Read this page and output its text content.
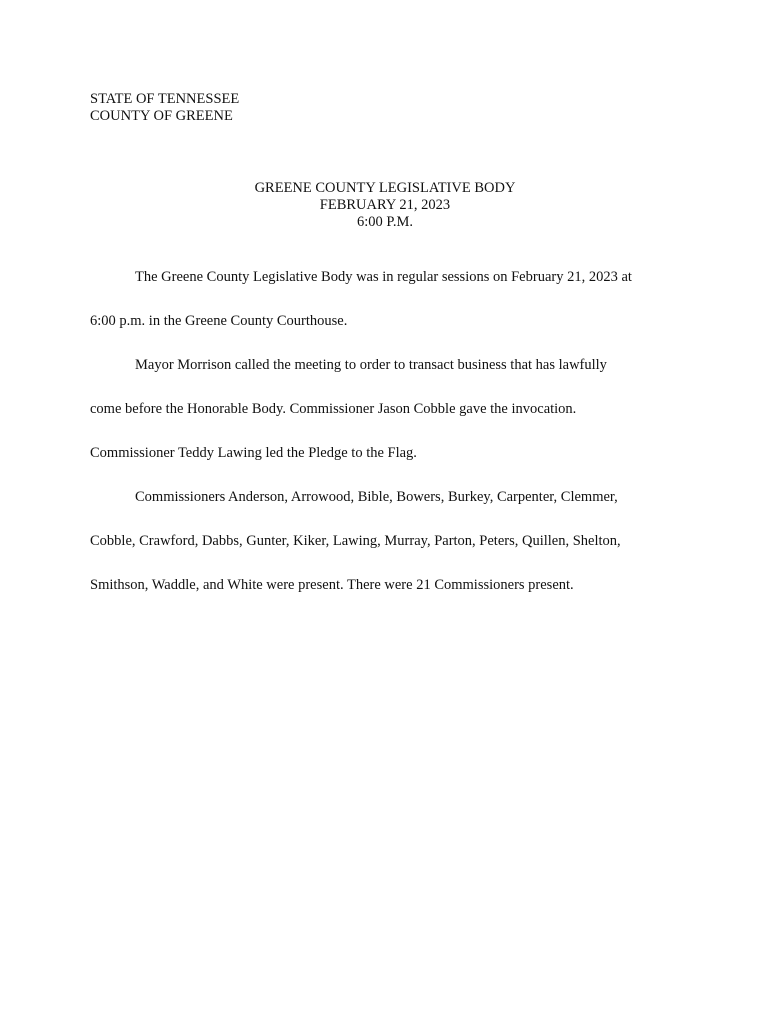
STATE OF TENNESSEE
COUNTY OF GREENE
GREENE COUNTY LEGISLATIVE BODY
FEBRUARY 21, 2023
6:00 P.M.
The Greene County Legislative Body was in regular sessions on February 21, 2023 at
6:00 p.m. in the Greene County Courthouse.
Mayor Morrison called the meeting to order to transact business that has lawfully
come before the Honorable Body. Commissioner Jason Cobble gave the invocation.
Commissioner Teddy Lawing led the Pledge to the Flag.
Commissioners Anderson, Arrowood, Bible, Bowers, Burkey, Carpenter, Clemmer,
Cobble, Crawford, Dabbs, Gunter, Kiker, Lawing, Murray, Parton, Peters, Quillen, Shelton,
Smithson, Waddle, and White were present. There were 21 Commissioners present.
